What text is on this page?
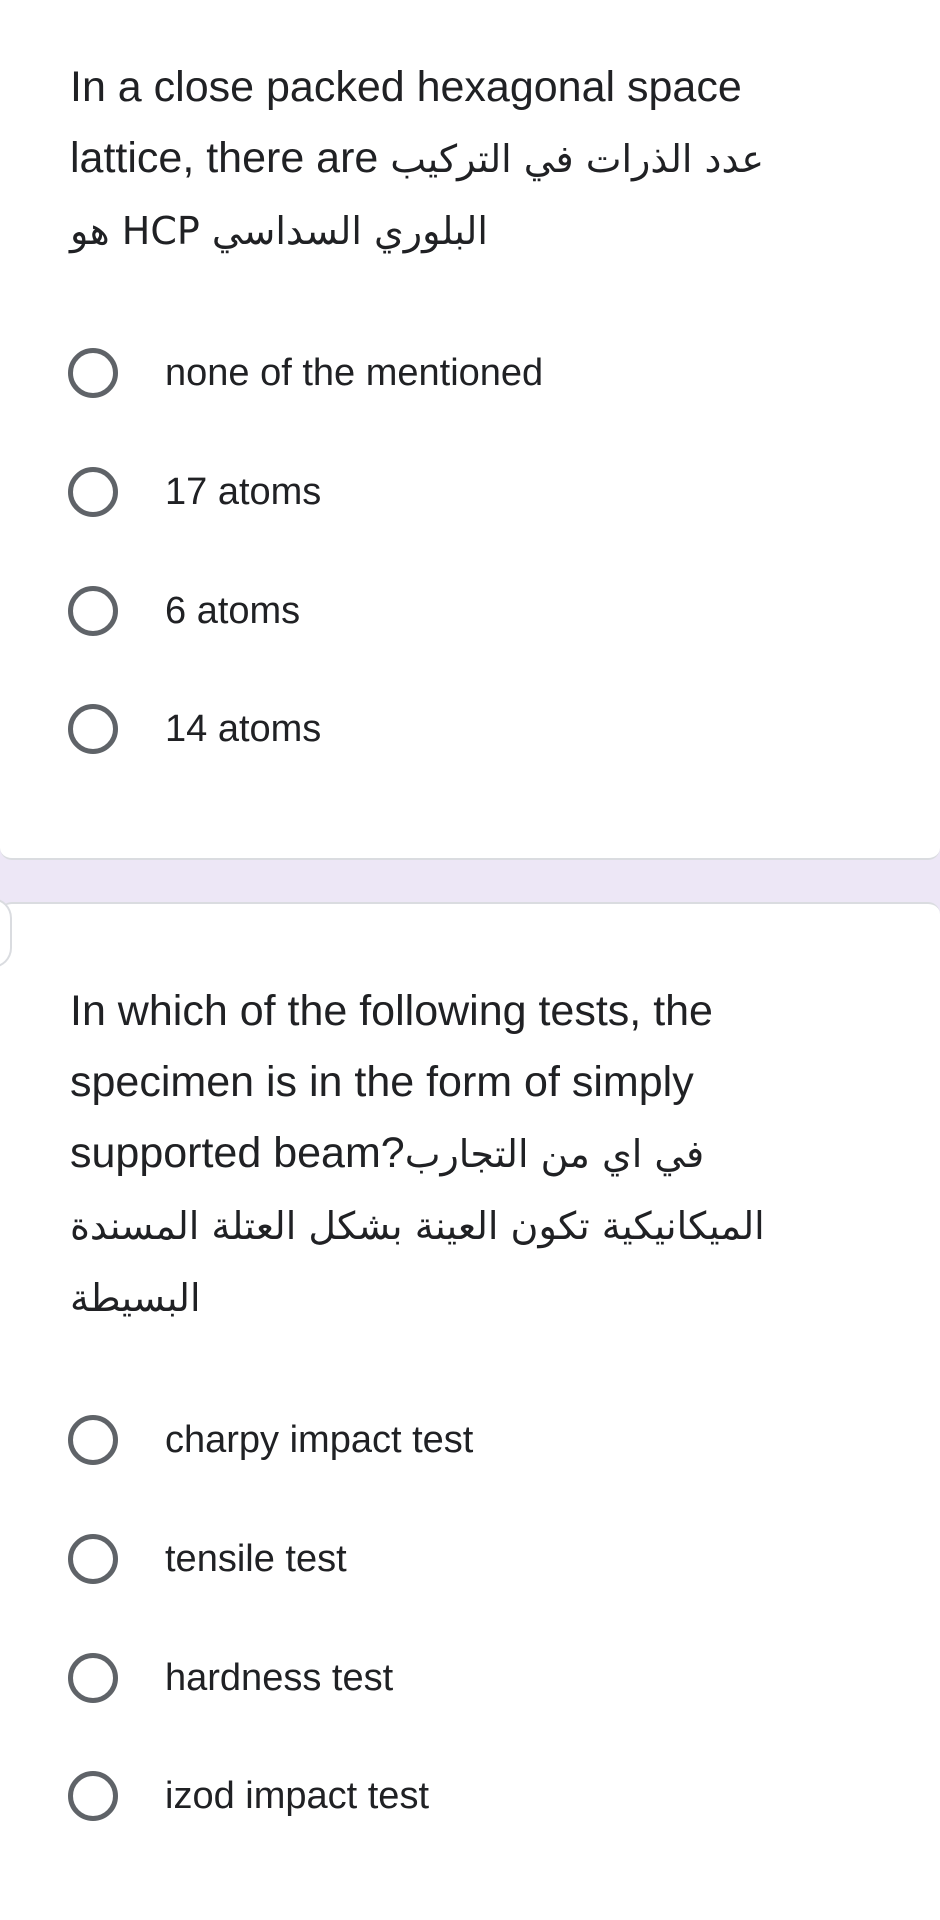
In a close packed hexagonal space lattice, there are عدد الذرات في التركيب البلوري السداسي HCP هو

none of the mentioned
17 atoms
6 atoms
14 atoms

In which of the following tests, the specimen is in the form of simply supported beam?في اي من التجارب الميكانيكية تكون العينة بشكل العتلة المسندة البسيطة

charpy impact test
tensile test
hardness test
izod impact test
